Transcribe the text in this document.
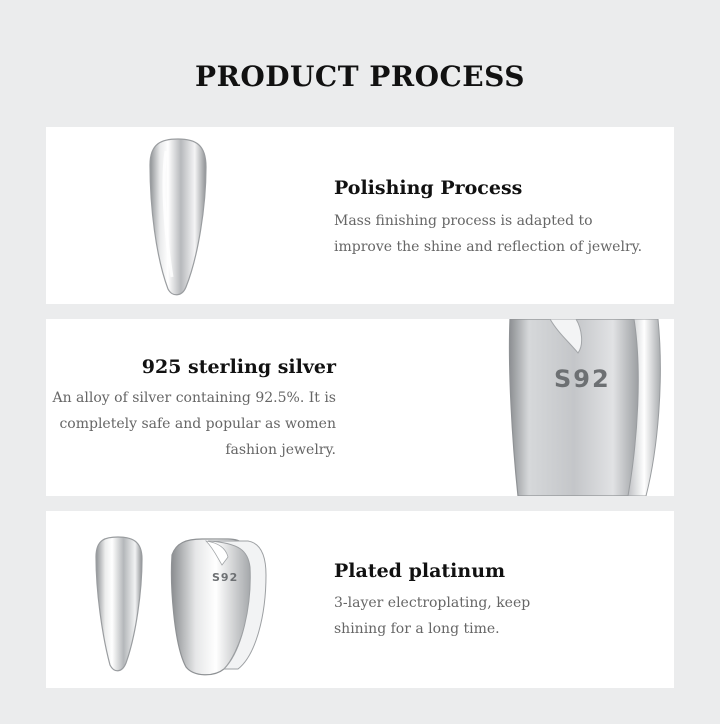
PRODUCT PROCESS
Polishing Process
Mass finishing process is adapted to
improve the shine and reflection of jewelry.
925 sterling silver
An alloy of silver containing 92.5%. It is
completely safe and popular as women
fashion jewelry.
S92
S92	Plated platinum
3-layer electroplating, keep
shining for a long time.
